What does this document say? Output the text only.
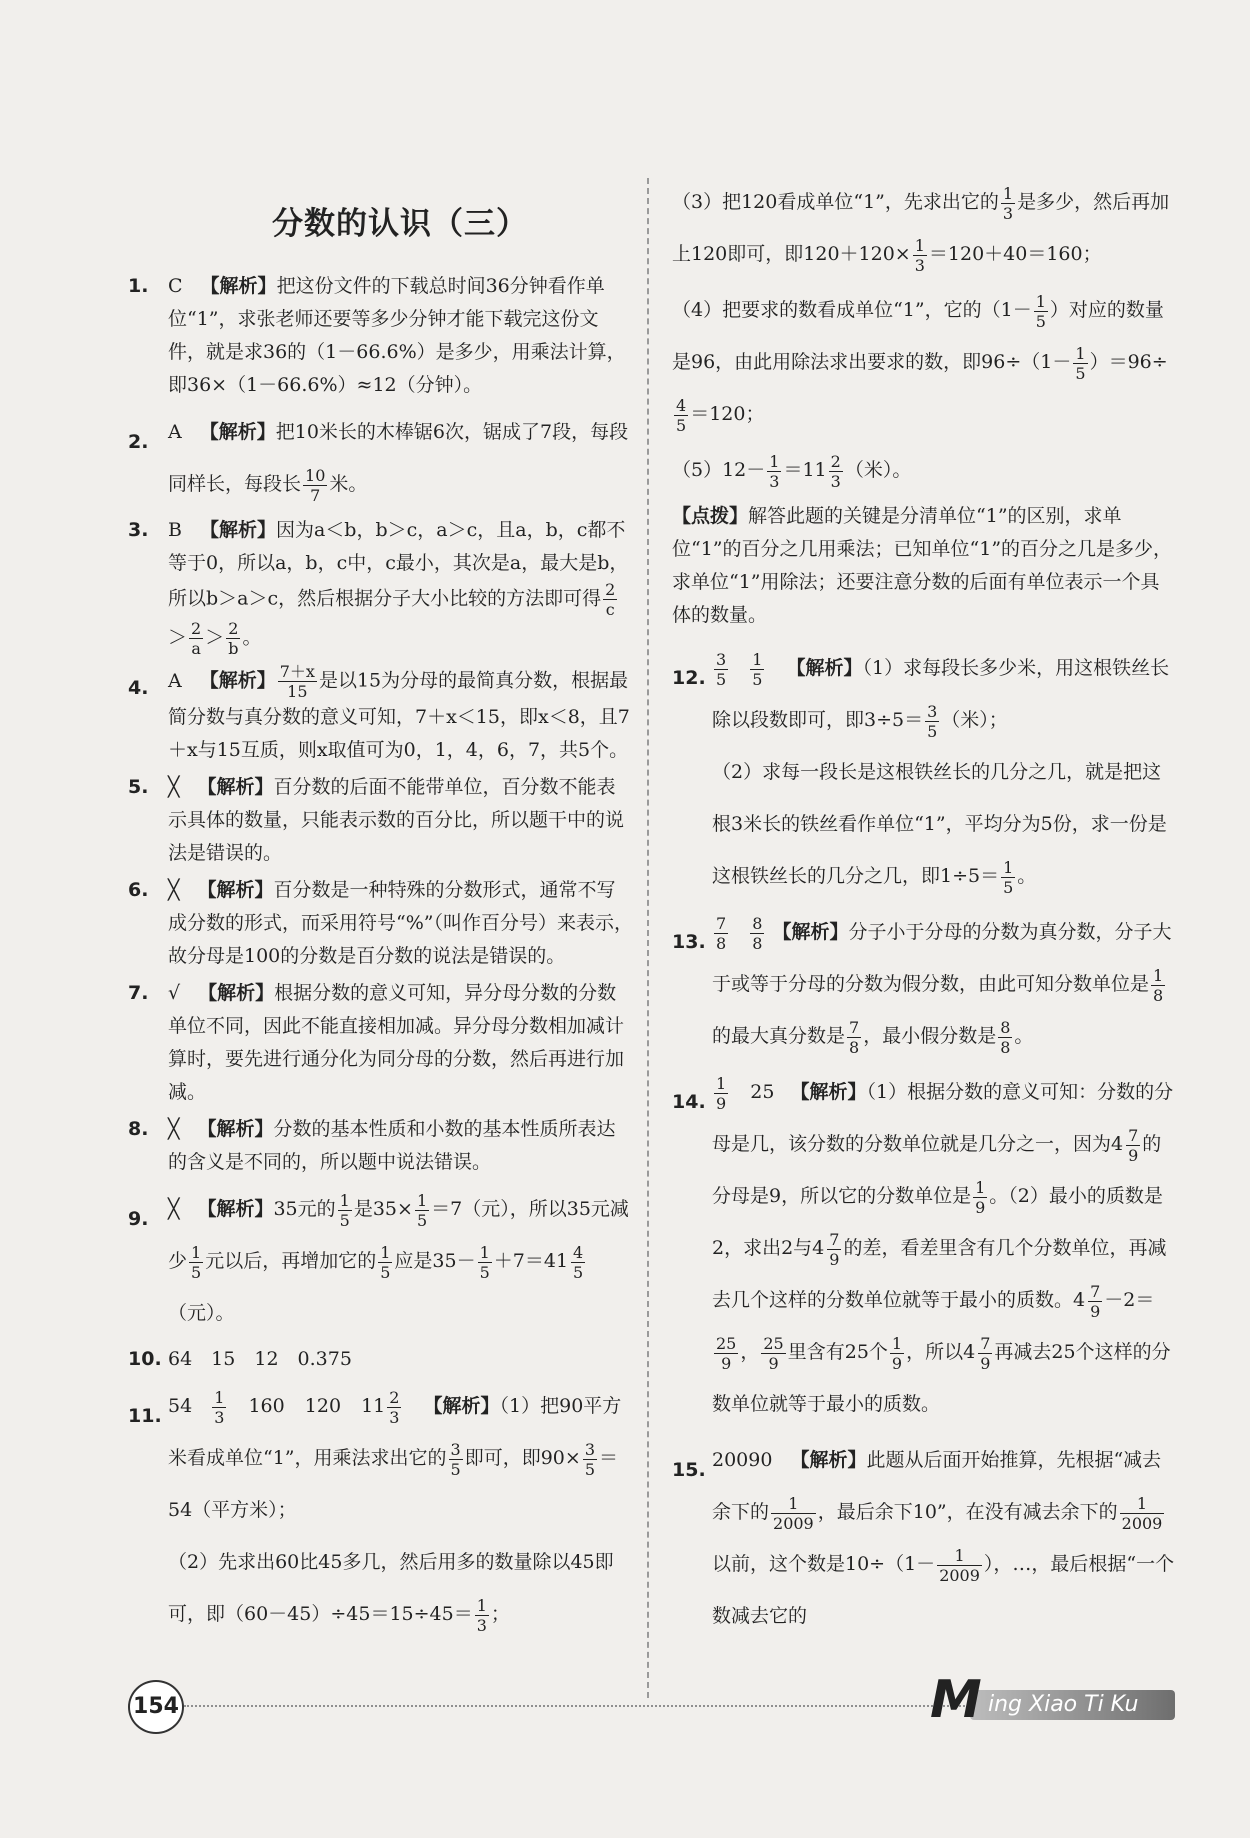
分数的认识（三）
1. C 【解析】把这份文件的下载总时间36分钟看作单位“1”，求张老师还要等多少分钟才能下载完这份文件，就是求36的（1－66.6%）是多少，用乘法计算，即36×（1－66.6%）≈12（分钟）。
2. A 【解析】把10米长的木棒锯6次，锯成了7段，每段同样长，每段长 $\frac{10}{7}$ 米。
3. B 【解析】因为a＜b，b＞c，a＞c，且a，b，c都不等于0，所以a，b，c中，c最小，其次是a，最大是b，所以b＞a＞c，然后根据分子大小比较的方法即可得 $\frac{2}{c}$
＞ $\frac{2}{a} > \frac{2}{b}$ 。
4. A 【解析】 $\frac{7+x}{15}$ 是以15为分母的最简真分数，根据最简分数与真分数的意义可知，7＋x＜15，即x＜8，且7＋x与15互质，则x取值可为0，1，4，6，7，共5个。
5. ╳ 【解析】百分数的后面不能带单位，百分数不能表示具体的数量，只能表示数的百分比，所以题干中的说法是错误的。
6. ╳ 【解析】百分数是一种特殊的分数形式，通常不写成分数的形式，而采用符号“%”（叫作百分号）来表示，故分母是100的分数是百分数的说法是错误的。
7. √ 【解析】根据分数的意义可知，异分母分数的分数单位不同，因此不能直接相加减。异分母分数相加减计算时，要先进行通分化为同分母的分数，然后再进行加减。
8. ╳ 【解析】分数的基本性质和小数的基本性质所表达的含义是不同的，所以题中说法错误。
9. ╳ 【解析】35元的 $\frac{1}{5}$ 是$35\times \frac{1}{5} =7$（元），所以35元减少 $\frac{1}{5}$ 元以后，再增加它的 $\frac{1}{5}$ 应是$35- \frac{1}{5} +7=41 \frac{4}{5}$
（元）。
10. 64　15　12　0.375
11. $54 \frac{1}{3} 160$ 120 $11 \frac{2}{3}$ 【解析】（1）把90平方米看成单位“1”，用乘法求出它的 $\frac{3}{5}$ 即可，即$90\times \frac{3}{5} =54$（平方米）；
（2）先求出60比45多几，然后用多的数量除以45即可，即$(60-45)\div 45=15\div 45= \frac{1}{3}$ ；
（3）把120看成单位“1”，先求出它的 $\frac{1}{3}$ 是多少，然后再加上120即可，即$120+120\times \frac{1}{3} =120+40=160$；
（4）把要求的数看成单位“1”，它的（$1- \frac{1}{5}$ ）对应的数量是96，由此用除法求出要求的数，即$96\div(1- \frac{1}{5} )=96\div$
$\frac{4}{5} =120$；
$(5)12- \frac{1}{3} =11 \frac{2}{3}$ （米）。
【点拨】解答此题的关键是分清单位“1”的区别，求单位“1”的百分之几用乘法；已知单位“1”的百分之几是多少，求单位“1”用除法；还要注意分数的后面有单位表示一个具体的数量。
12. $\frac{3}{5}$
$\frac{1}{5}$ 【解析】（1）求每段长多少米，用这根铁丝长除以段数即可，即$3\div 5= \frac{3}{5}$ （米）；
（2）求每一段长是这根铁丝长的几分之几，就是把这根3米长的铁丝看作单位“1”，平均分为5份，求一份是这根铁丝长的几分之几，即$1\div 5= \frac{1}{5}$ 。
13. $\frac{7}{8}$
$\frac{8}{8}$ 【解析】分子小于分母的分数为真分数，分子大于或等于分母的分数为假分数，由此可知分数单位是 $\frac{1}{8}$
的最大真分数是 $\frac{7}{8}$ ，最小假分数是 $\frac{8}{8}$ 。
14. $\frac{1}{9} 25$ 【解析】（1）根据分数的意义可知：分数的分母是几，该分数的分数单位就是几分之一，因为$4 \frac{7}{9}$ 的分母是9，所以它的分数单位是 $\frac{1}{9}$ 。（2）最小的质数是2，求出2与$4 \frac{7}{9}$ 的差，看差里含有几个分数单位，再减去几个这样的分数单位就等于最小的质数。$4 \frac{7}{9} -2=$
$\frac{25}{9}$ ， $\frac{25}{9}$ 里含有25个 $\frac{1}{9}$ ，所以$4 \frac{7}{9}$ 再减去25个这样的分数单位就等于最小的质数。
15. 20090 【解析】此题从后面开始推算，先根据“减去余下的 $\frac{1}{2009}$ ，最后余下10”，在没有减去余下的 $\frac{1}{2009}$
以前，这个数是$10\div(1- \frac{1}{2009}$ ），…，最后根据“一个数减去它的
154	M ing Xiao Ti Ku
